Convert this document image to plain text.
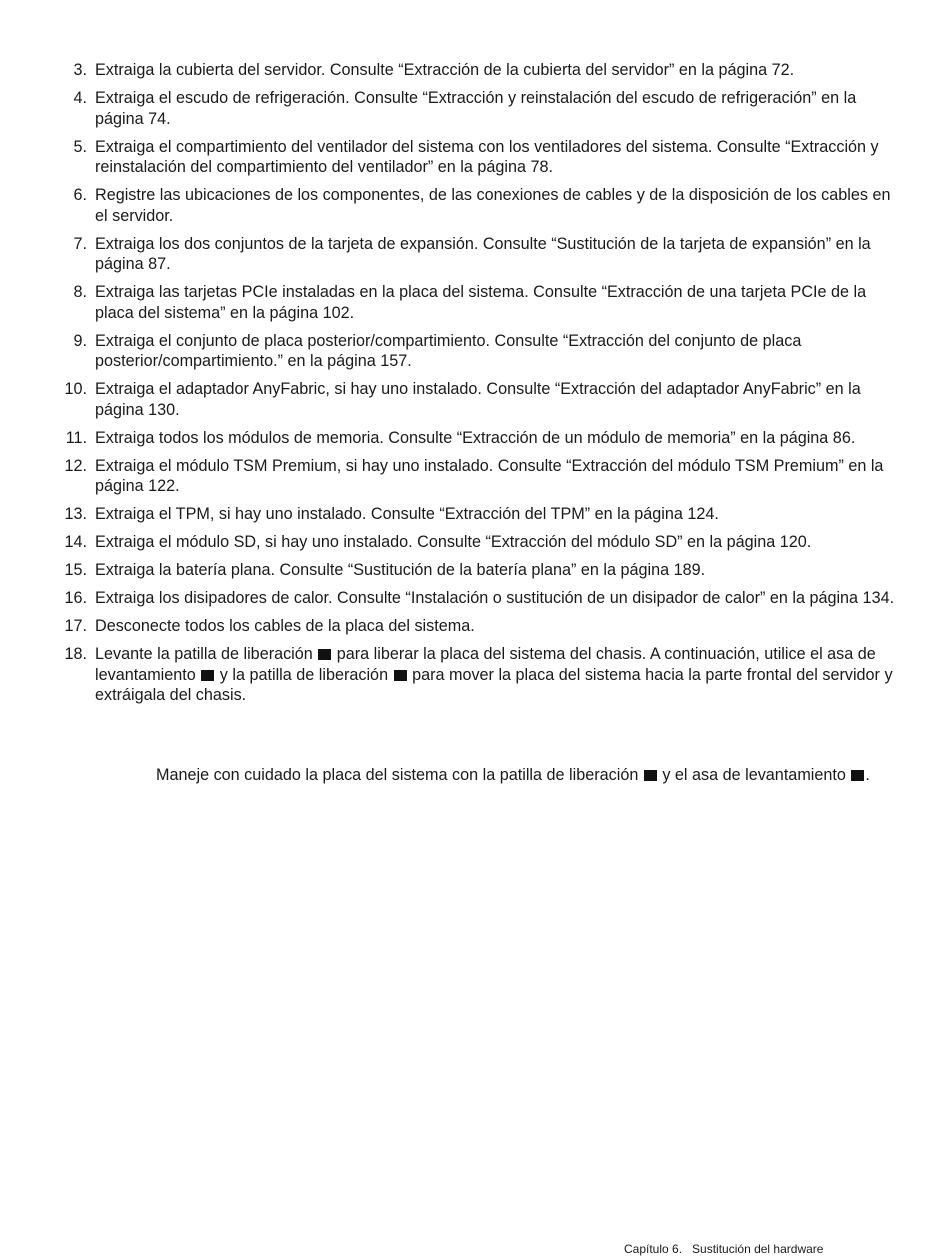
3. Extraiga la cubierta del servidor. Consulte “Extracción de la cubierta del servidor” en la página 72.
4. Extraiga el escudo de refrigeración. Consulte “Extracción y reinstalación del escudo de refrigeración” en la página 74.
5. Extraiga el compartimiento del ventilador del sistema con los ventiladores del sistema. Consulte “Extracción y reinstalación del compartimiento del ventilador” en la página 78.
6. Registre las ubicaciones de los componentes, de las conexiones de cables y de la disposición de los cables en el servidor.
7. Extraiga los dos conjuntos de la tarjeta de expansión. Consulte “Sustitución de la tarjeta de expansión” en la página 87.
8. Extraiga las tarjetas PCIe instaladas en la placa del sistema. Consulte “Extracción de una tarjeta PCIe de la placa del sistema” en la página 102.
9. Extraiga el conjunto de placa posterior/compartimiento. Consulte “Extracción del conjunto de placa posterior/compartimiento.” en la página 157.
10. Extraiga el adaptador AnyFabric, si hay uno instalado. Consulte “Extracción del adaptador AnyFabric” en la página 130.
11. Extraiga todos los módulos de memoria. Consulte “Extracción de un módulo de memoria” en la página 86.
12. Extraiga el módulo TSM Premium, si hay uno instalado. Consulte “Extracción del módulo TSM Premium” en la página 122.
13. Extraiga el TPM, si hay uno instalado. Consulte “Extracción del TPM” en la página 124.
14. Extraiga el módulo SD, si hay uno instalado. Consulte “Extracción del módulo SD” en la página 120.
15. Extraiga la batería plana. Consulte “Sustitución de la batería plana” en la página 189.
16. Extraiga los disipadores de calor. Consulte “Instalación o sustitución de un disipador de calor” en la página 134.
17. Desconecte todos los cables de la placa del sistema.
18. Levante la patilla de liberación para liberar la placa del sistema del chasis. A continuación, utilice el asa de levantamiento y la patilla de liberación para mover la placa del sistema hacia la parte frontal del servidor y extráigala del chasis.
Maneje con cuidado la placa del sistema con la patilla de liberación y el asa de levantamiento .
Capítulo 6. Sustitución del hardware
